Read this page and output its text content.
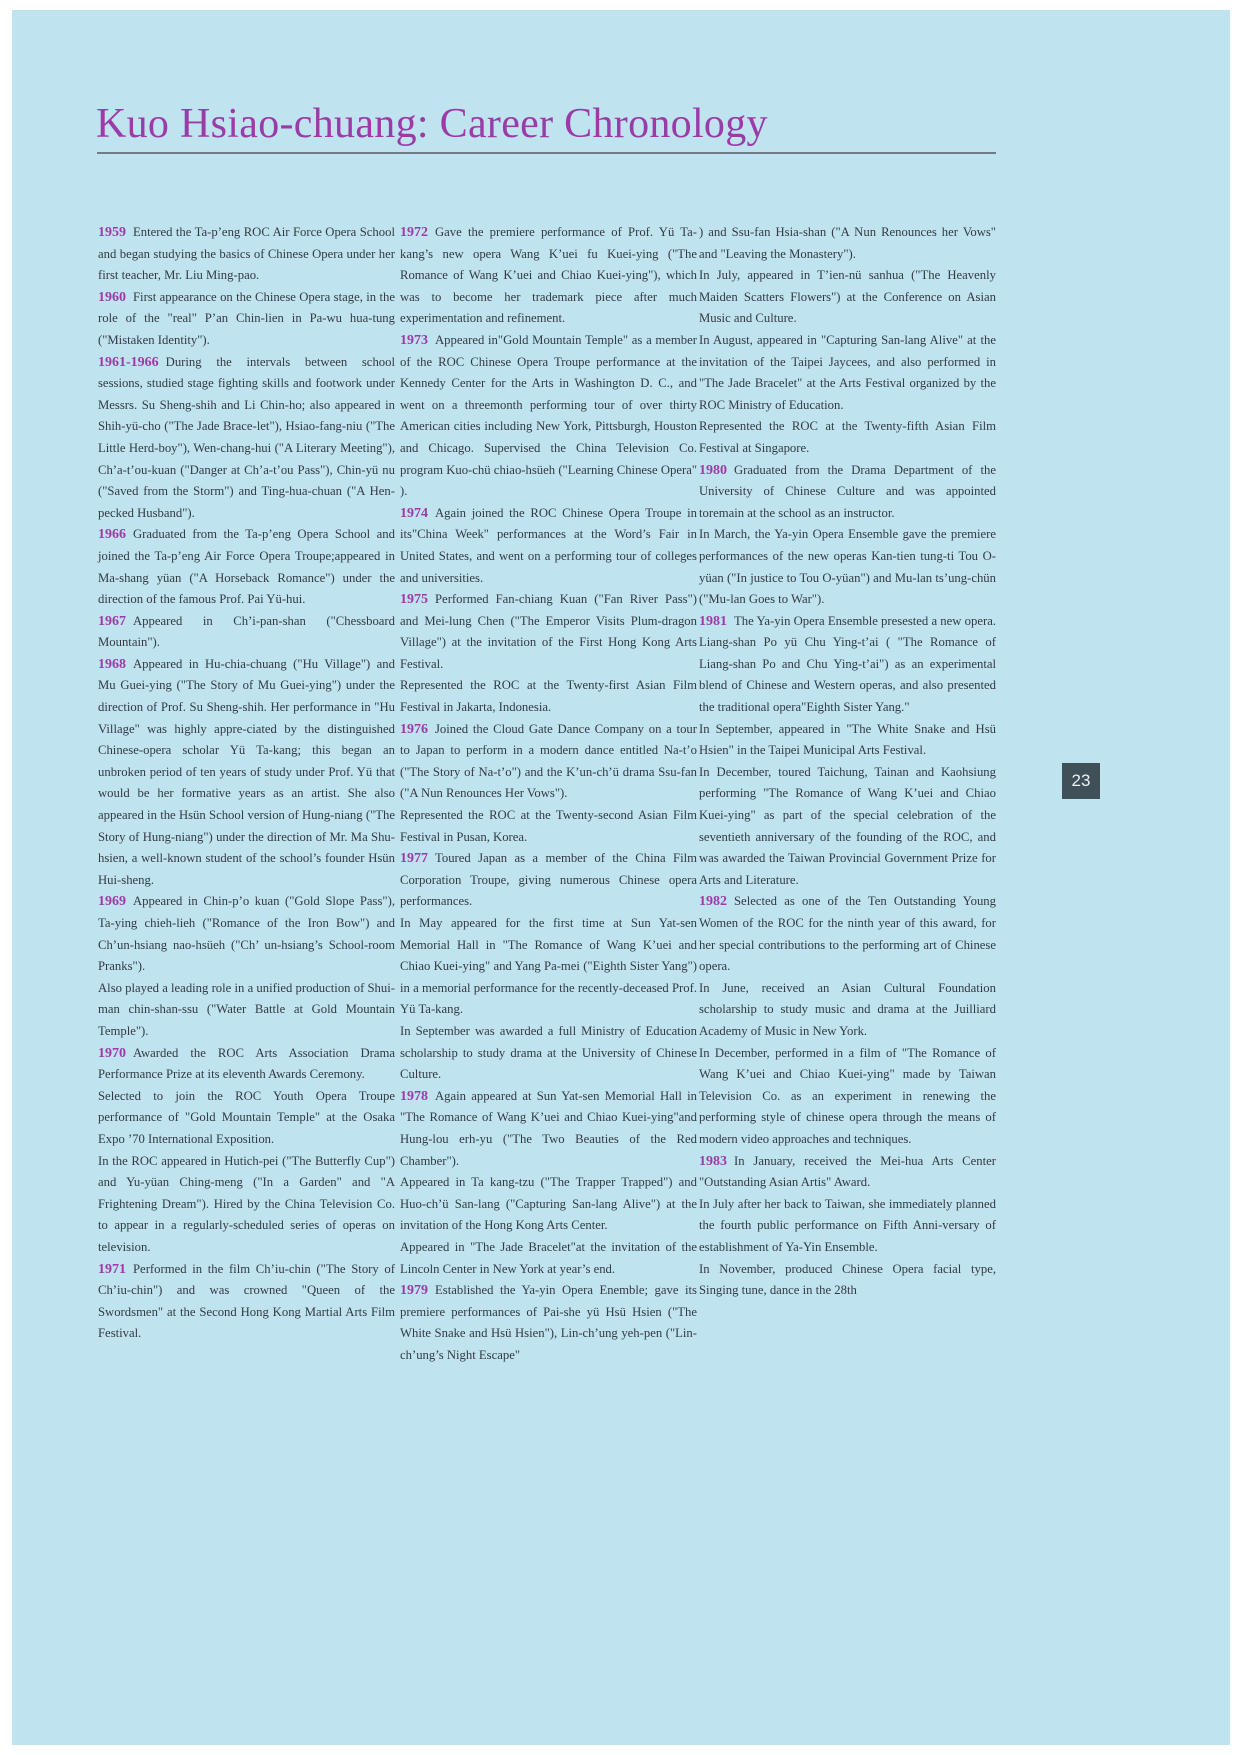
Kuo Hsiao-chuang: Career Chronology

1959 Entered the Ta-p’eng ROC Air Force Opera School and began studying the basics of Chinese Opera under her first teacher, Mr. Liu Ming-pao.

1960 First appearance on the Chinese Opera stage, in the role of the "real" P’an Chin-lien in Pa-wu hua-tung ("Mistaken Identity").

1961-1966 During the intervals between school sessions, studied stage fighting skills and footwork under Messrs. Su Sheng-shih and Li Chin-ho; also appeared in Shih-yü-cho ("The Jade Brace-let"), Hsiao-fang-niu ("The Little Herd-boy"), Wen-chang-hui ("A Literary Meeting"), Ch’a-t’ou-kuan ("Danger at Ch’a-t’ou Pass"), Chin-yü nu ("Saved from the Storm") and Ting-hua-chuan ("A Hen-pecked Husband").

1966 Graduated from the Ta-p’eng Opera School and joined the Ta-p’eng Air Force Opera Troupe;appeared in Ma-shang yüan ("A Horseback Romance") under the direction of the famous Prof. Pai Yü-hui.

1967 Appeared in Ch’i-pan-shan ("Chessboard Mountain").

1968 Appeared in Hu-chia-chuang ("Hu Village") and Mu Guei-ying ("The Story of Mu Guei-ying") under the direction of Prof. Su Sheng-shih. Her performance in "Hu Village" was highly appre-ciated by the distinguished Chinese-opera scholar Yü Ta-kang; this began an unbroken period of ten years of study under Prof. Yü that would be her formative years as an artist. She also appeared in the Hsün School version of Hung-niang ("The Story of Hung-niang") under the direction of Mr. Ma Shu-hsien, a well-known student of the school’s founder Hsün Hui-sheng.

1969 Appeared in Chin-p’o kuan ("Gold Slope Pass"), Ta-ying chieh-lieh ("Romance of the Iron Bow") and Ch’un-hsiang nao-hsüeh ("Ch’ un-hsiang’s School-room Pranks").

Also played a leading role in a unified production of Shui-man chin-shan-ssu ("Water Battle at Gold Mountain Temple").

1970 Awarded the ROC Arts Association Drama Performance Prize at its eleventh Awards Ceremony.

Selected to join the ROC Youth Opera Troupe performance of "Gold Mountain Temple" at the Osaka Expo ’70 International Exposition.

In the ROC appeared in Hutich-pei ("The Butterfly Cup") and Yu-yüan Ching-meng ("In a Garden" and "A Frightening Dream"). Hired by the China Television Co. to appear in a regularly-scheduled series of operas on television.

1971 Performed in the film Ch’iu-chin ("The Story of Ch’iu-chin") and was crowned "Queen of the Swordsmen" at the Second Hong Kong Martial Arts Film Festival.

1972 Gave the premiere performance of Prof. Yü Ta-kang’s new opera Wang K’uei fu Kuei-ying ("The Romance of Wang K’uei and Chiao Kuei-ying"), which was to become her trademark piece after much experimentation and refinement.

1973 Appeared in"Gold Mountain Temple" as a member of the ROC Chinese Opera Troupe performance at the Kennedy Center for the Arts in Washington D. C., and went on a threemonth performing tour of over thirty American cities including New York, Pittsburgh, Houston and Chicago. Supervised the China Television Co. program Kuo-chü chiao-hsüeh ("Learning Chinese Opera" ).

1974 Again joined the ROC Chinese Opera Troupe in its"China Week" performances at the Word’s Fair in United States, and went on a performing tour of colleges and universities.

1975 Performed Fan-chiang Kuan ("Fan River Pass") and Mei-lung Chen ("The Emperor Visits Plum-dragon Village") at the invitation of the First Hong Kong Arts Festival.

Represented the ROC at the Twenty-first Asian Film Festival in Jakarta, Indonesia.

1976 Joined the Cloud Gate Dance Company on a tour to Japan to perform in a modern dance entitled Na-t’o ("The Story of Na-t’o") and the K’un-ch’ü drama Ssu-fan ("A Nun Renounces Her Vows").

Represented the ROC at the Twenty-second Asian Film Festival in Pusan, Korea.

1977 Toured Japan as a member of the China Film Corporation Troupe, giving numerous Chinese opera performances.

In May appeared for the first time at Sun Yat-sen Memorial Hall in "The Romance of Wang K’uei and Chiao Kuei-ying" and Yang Pa-mei ("Eighth Sister Yang") in a memorial performance for the recently-deceased Prof. Yü Ta-kang.

In September was awarded a full Ministry of Education scholarship to study drama at the University of Chinese Culture.

1978 Again appeared at Sun Yat-sen Memorial Hall in "The Romance of Wang K’uei and Chiao Kuei-ying"and Hung-lou erh-yu ("The Two Beauties of the Red Chamber").

Appeared in Ta kang-tzu ("The Trapper Trapped") and Huo-ch’ü San-lang ("Capturing San-lang Alive") at the invitation of the Hong Kong Arts Center.

Appeared in "The Jade Bracelet"at the invitation of the Lincoln Center in New York at year’s end.

1979 Established the Ya-yin Opera Enemble; gave its premiere performances of Pai-she yü Hsü Hsien ("The White Snake and Hsü Hsien"), Lin-ch’ung yeh-pen ("Lin-ch’ung’s Night Escape"

) and Ssu-fan Hsia-shan ("A Nun Renounces her Vows" and "Leaving the Monastery").

In July, appeared in T’ien-nü sanhua ("The Heavenly Maiden Scatters Flowers") at the Conference on Asian Music and Culture.

In August, appeared in "Capturing San-lang Alive" at the invitation of the Taipei Jaycees, and also performed in "The Jade Bracelet" at the Arts Festival organized by the ROC Ministry of Education.

Represented the ROC at the Twenty-fifth Asian Film Festival at Singapore.

1980 Graduated from the Drama Department of the University of Chinese Culture and was appointed toremain at the school as an instructor.

In March, the Ya-yin Opera Ensemble gave the premiere performances of the new operas Kan-tien tung-ti Tou O-yüan ("In justice to Tou O-yüan") and Mu-lan ts’ung-chün ("Mu-lan Goes to War").

1981 The Ya-yin Opera Ensemble presested a new opera. Liang-shan Po yü Chu Ying-t’ai ( "The Romance of Liang-shan Po and Chu Ying-t’ai") as an experimental blend of Chinese and Western operas, and also presented the traditional opera"Eighth Sister Yang."

In September, appeared in "The White Snake and Hsü Hsien" in the Taipei Municipal Arts Festival.

In December, toured Taichung, Tainan and Kaohsiung performing "The Romance of Wang K’uei and Chiao Kuei-ying" as part of the special celebration of the seventieth anniversary of the founding of the ROC, and was awarded the Taiwan Provincial Government Prize for Arts and Literature.

1982 Selected as one of the Ten Outstanding Young Women of the ROC for the ninth year of this award, for her special contributions to the performing art of Chinese opera.

In June, received an Asian Cultural Foundation scholarship to study music and drama at the Juilliard Academy of Music in New York.

In December, performed in a film of "The Romance of Wang K’uei and Chiao Kuei-ying" made by Taiwan Television Co. as an experiment in renewing the performing style of chinese opera through the means of modern video approaches and techniques.

1983 In January, received the Mei-hua Arts Center "Outstanding Asian Artis" Award.

In July after her back to Taiwan, she immediately planned the fourth public performance on Fifth Anni-versary of establishment of Ya-Yin Ensemble.

In November, produced Chinese Opera facial type, Singing tune, dance in the 28th

23
